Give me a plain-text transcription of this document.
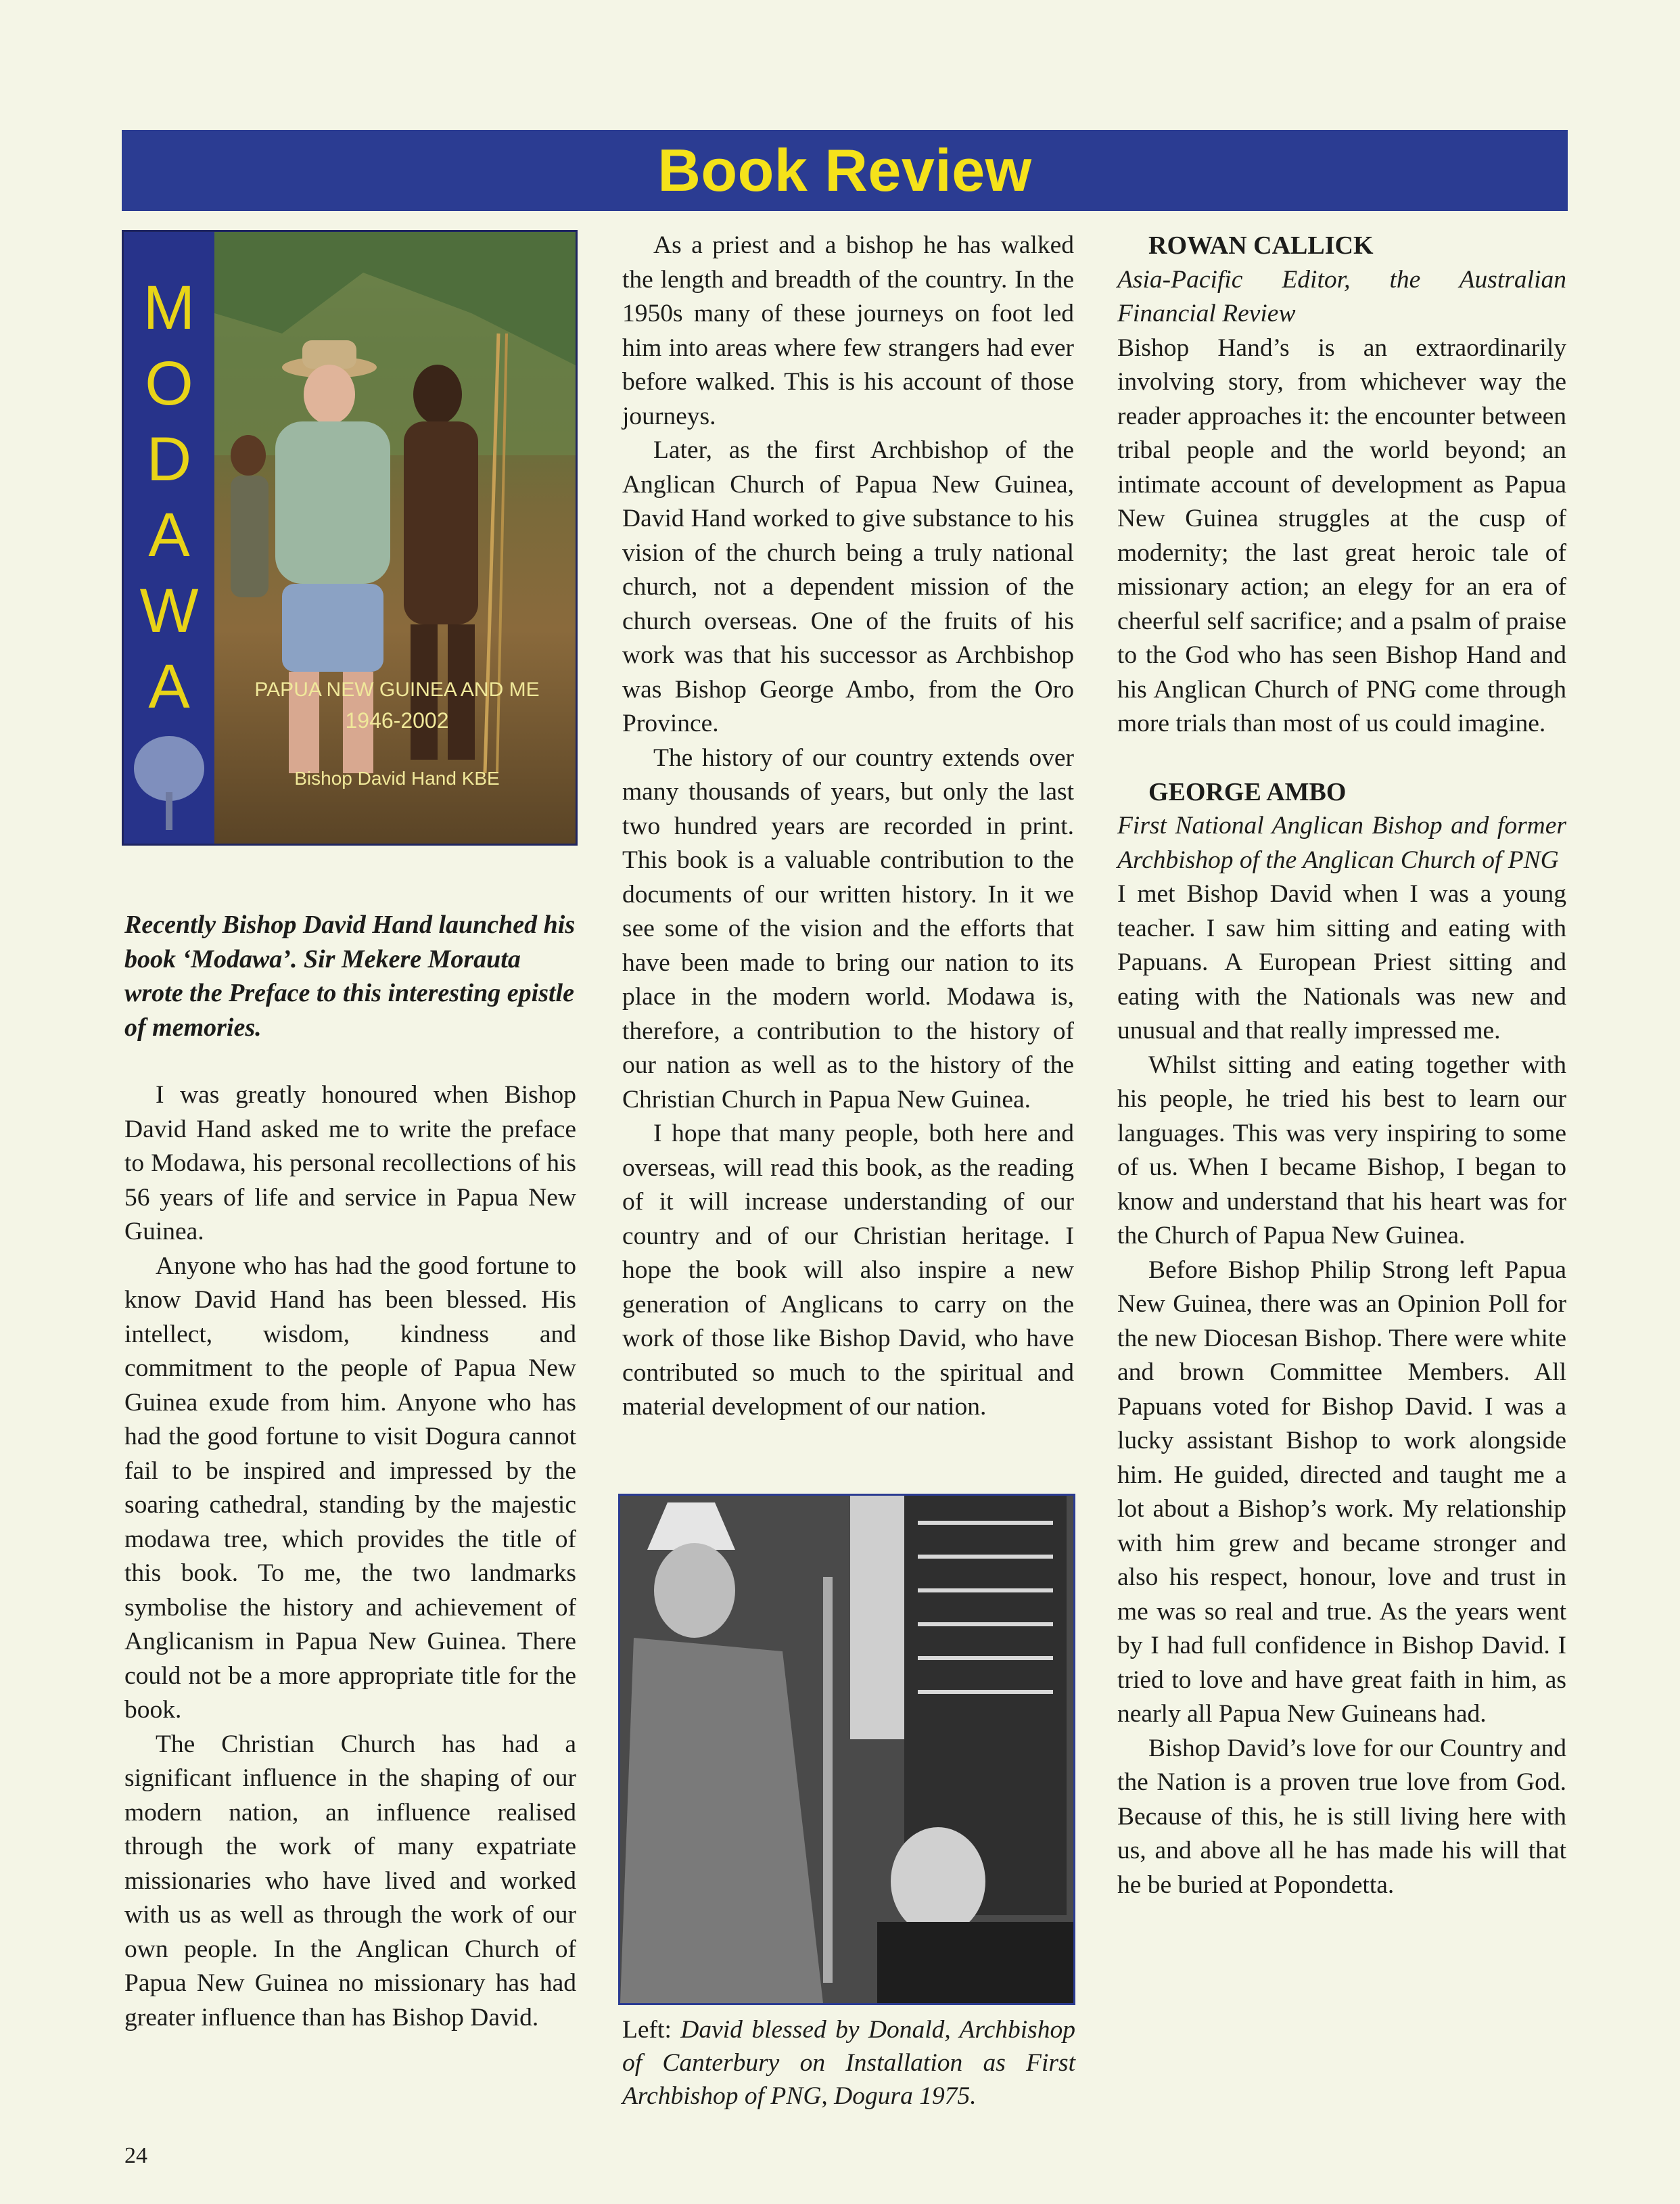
Book Review
M
O
D
A
W
A	PAPUA NEW GUINEA AND ME
1946-2002
Bishop David Hand KBE

Recently Bishop David Hand launched his book ‘Modawa’. Sir Mekere Morauta wrote the Preface to this interesting epistle of memories.

I was greatly honoured when Bishop David Hand asked me to write the preface to Modawa, his personal recollections of his 56 years of life and service in Papua New Guinea.

Anyone who has had the good fortune to know David Hand has been blessed. His intellect, wisdom, kindness and commitment to the people of Papua New Guinea exude from him. Anyone who has had the good fortune to visit Dogura cannot fail to be inspired and impressed by the soaring cathedral, standing by the majestic modawa tree, which provides the title of this book. To me, the two landmarks symbolise the history and achievement of Anglicanism in Papua New Guinea. There could not be a more appropriate title for the book.

The Christian Church has had a significant influence in the shaping of our modern nation, an influence realised through the work of many expatriate missionaries who have lived and worked with us as well as through the work of our own people. In the Anglican Church of Papua New Guinea no missionary has had greater influence than has Bishop David.

As a priest and a bishop he has walked the length and breadth of the country. In the 1950s many of these journeys on foot led him into areas where few strangers had ever before walked. This is his account of those journeys.

Later, as the first Archbishop of the Anglican Church of Papua New Guinea, David Hand worked to give substance to his vision of the church being a truly national church, not a dependent mission of the church overseas. One of the fruits of his work was that his successor as Archbishop was Bishop George Ambo, from the Oro Province.

The history of our country extends over many thousands of years, but only the last two hundred years are recorded in print. This book is a valuable contribution to the documents of our written history. In it we see some of the vision and the efforts that have been made to bring our nation to its place in the modern world. Modawa is, therefore, a contribution to the history of our nation as well as to the history of the Christian Church in Papua New Guinea.

I hope that many people, both here and overseas, will read this book, as the reading of it will increase understanding of our country and of our Christian heritage. I hope the book will also inspire a new generation of Anglicans to carry on the work of those like Bishop David, who have contributed so much to the spiritual and material development of our nation.

Left: David blessed by Donald, Archbishop of Canterbury on Installation as First Archbishop of PNG, Dogura 1975.

ROWAN CALLICK

Asia-Pacific Editor, the Australian Financial Review

Bishop Hand’s is an extraordinarily involving story, from whichever way the reader approaches it: the encounter between tribal people and the world beyond; an intimate account of development as Papua New Guinea struggles at the cusp of modernity; the last great heroic tale of missionary action; an elegy for an era of cheerful self sacrifice; and a psalm of praise to the God who has seen Bishop Hand and his Anglican Church of PNG come through more trials than most of us could imagine.

GEORGE AMBO

First National Anglican Bishop and former Archbishop of the Anglican Church of PNG

I met Bishop David when I was a young teacher. I saw him sitting and eating with Papuans. A European Priest sitting and eating with the Nationals was new and unusual and that really impressed me.

Whilst sitting and eating together with his people, he tried his best to learn our languages. This was very inspiring to some of us. When I became Bishop, I began to know and understand that his heart was for the Church of Papua New Guinea.

Before Bishop Philip Strong left Papua New Guinea, there was an Opinion Poll for the new Diocesan Bishop. There were white and brown Committee Members. All Papuans voted for Bishop David. I was a lucky assistant Bishop to work alongside him. He guided, directed and taught me a lot about a Bishop’s work. My relationship with him grew and became stronger and also his respect, honour, love and trust in me was so real and true. As the years went by I had full confidence in Bishop David. I tried to love and have great faith in him, as nearly all Papua New Guineans had.

Bishop David’s love for our Country and the Nation is a proven true love from God. Because of this, he is still living here with us, and above all he has made his will that he be buried at Popondetta.

24
